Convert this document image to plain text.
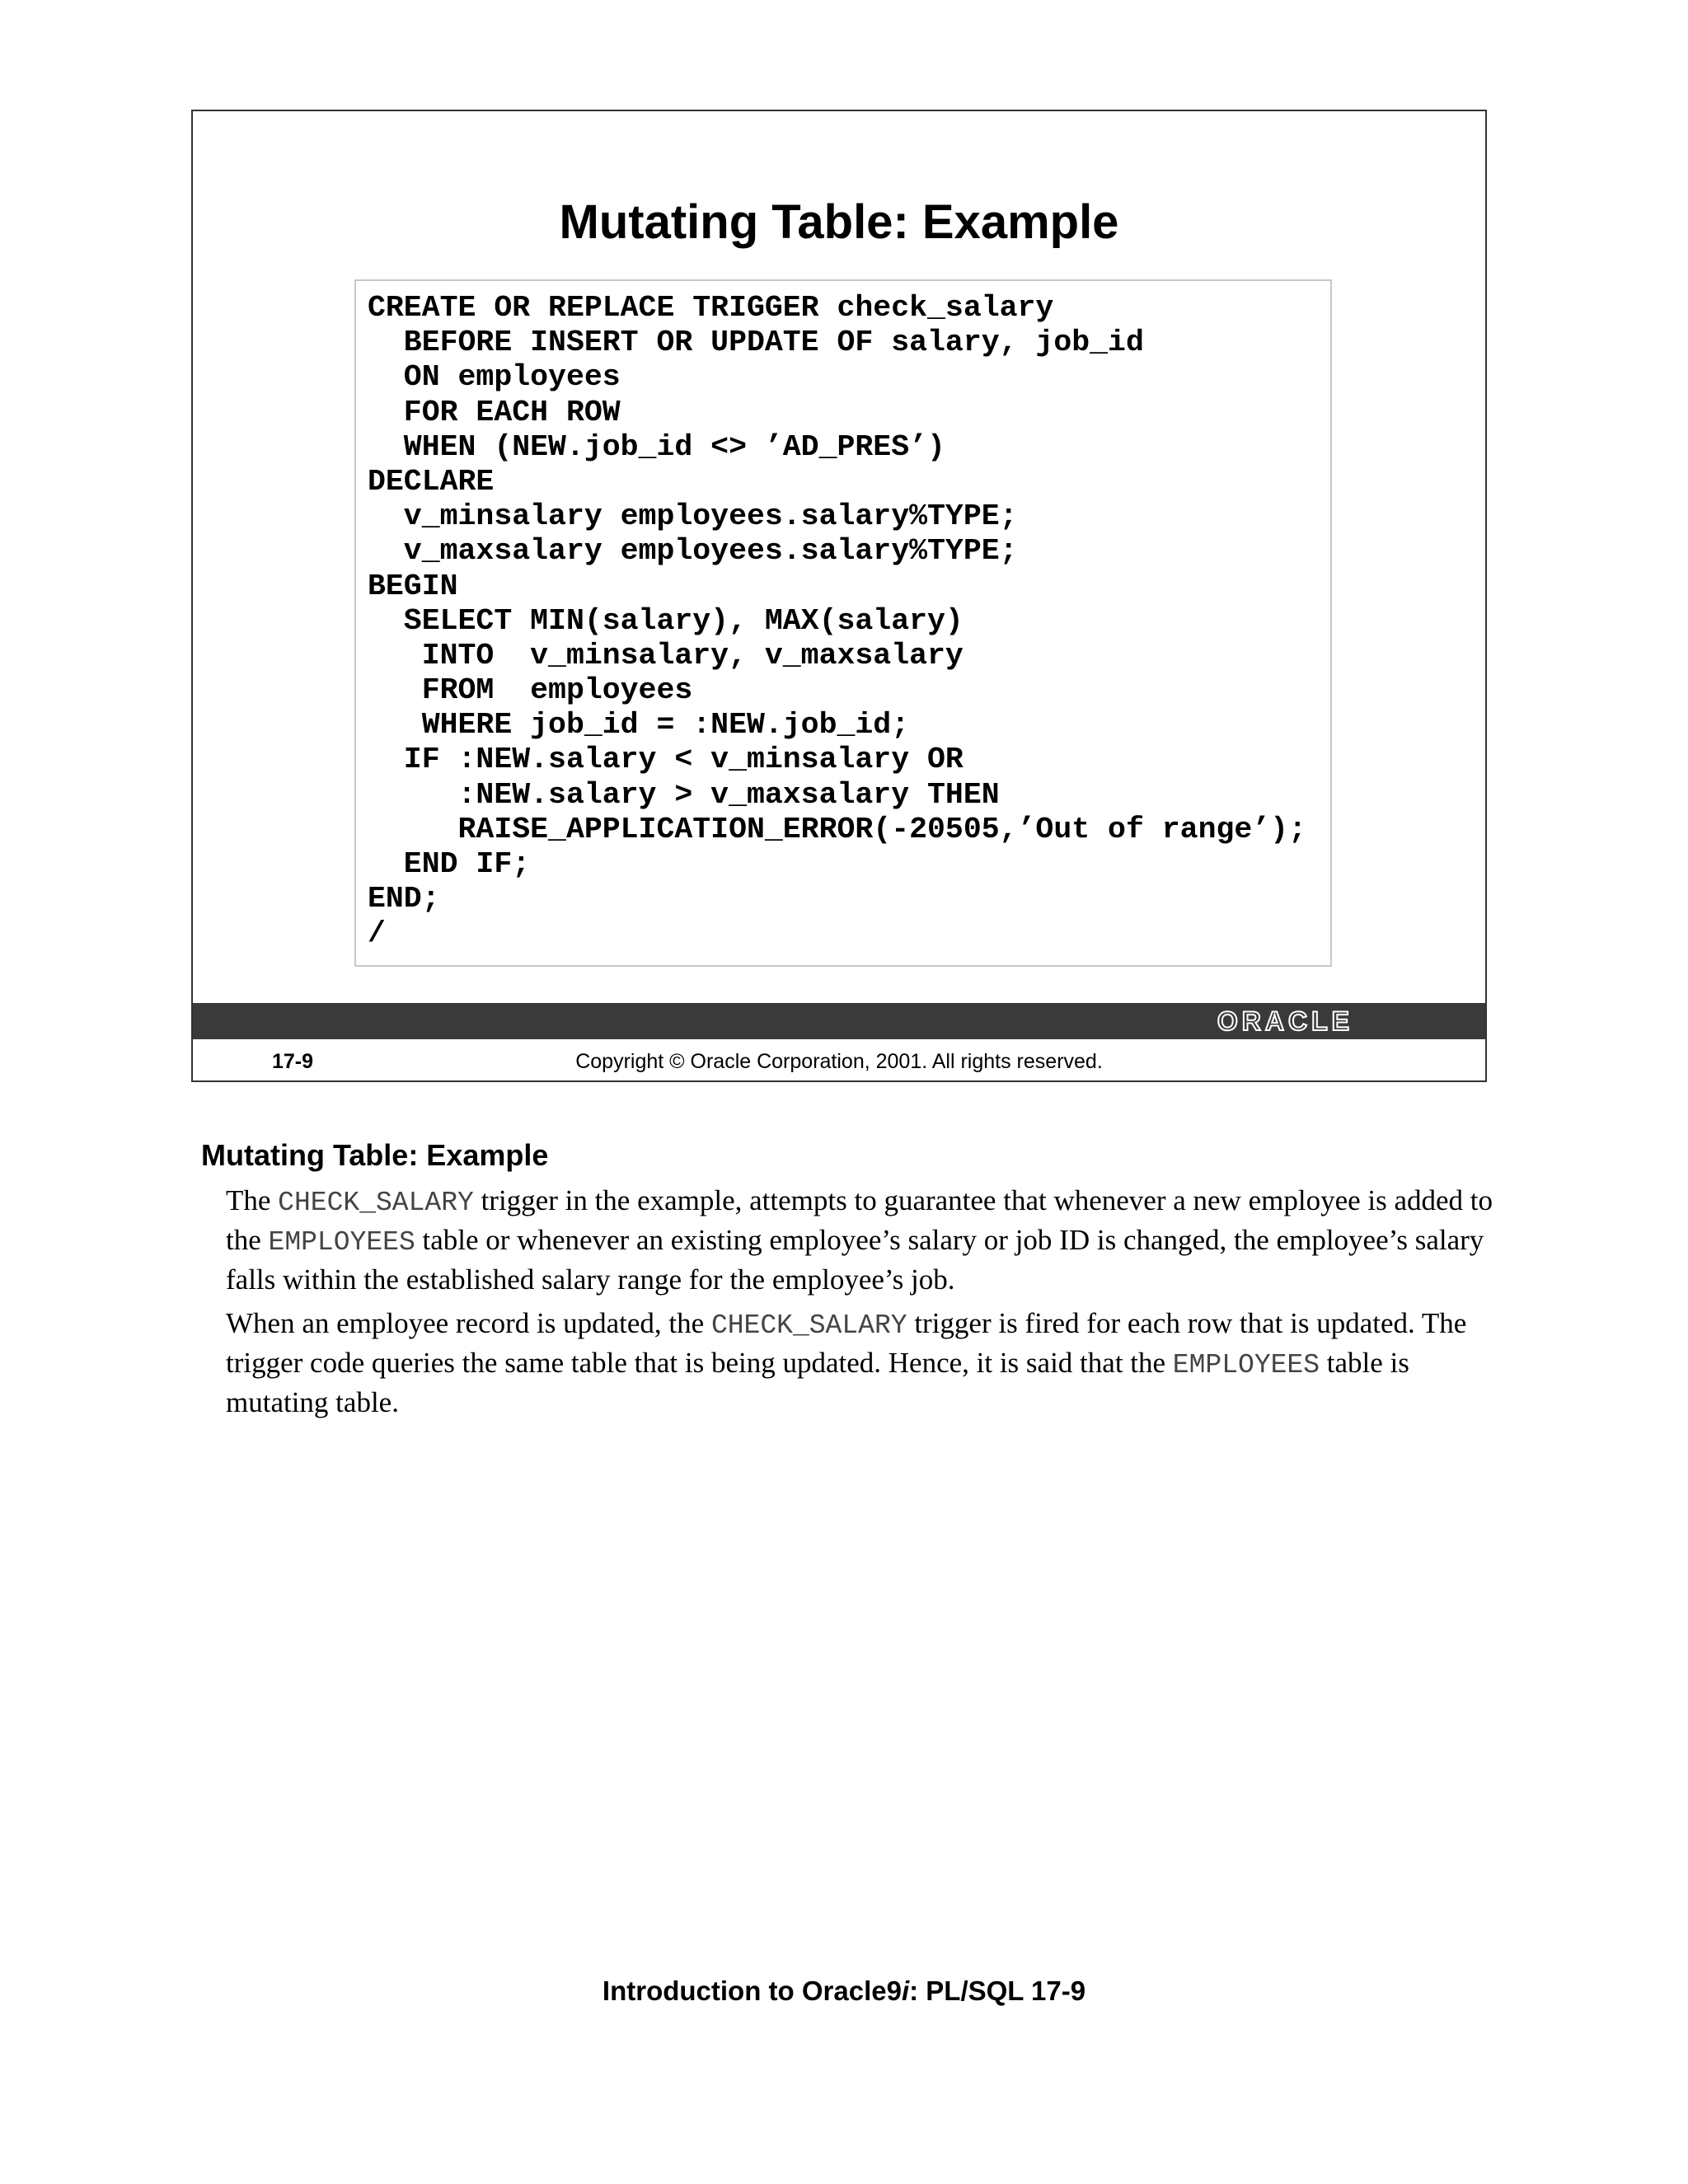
Mutating Table: Example
CREATE OR REPLACE TRIGGER check_salary
BEFORE INSERT OR UPDATE OF salary, job_id
ON employees
FOR EACH ROW
WHEN (NEW.job_id <> ’AD_PRES’)
DECLARE
v_minsalary employees.salary%TYPE;
v_maxsalary employees.salary%TYPE;
BEGIN
SELECT MIN(salary), MAX(salary)
INTO  v_minsalary, v_maxsalary
FROM  employees
WHERE job_id = :NEW.job_id;
IF :NEW.salary < v_minsalary OR
:NEW.salary > v_maxsalary THEN
RAISE_APPLICATION_ERROR(-20505,’Out of range’);
END IF;
END;
/
ORACLE
17-9	Copyright © Oracle Corporation, 2001. All rights reserved.
Mutating Table: Example

The CHECK_SALARY trigger in the example, attempts to guarantee that whenever a new employee is added to the EMPLOYEES table or whenever an existing employee’s salary or job ID is changed, the employee’s salary falls within the established salary range for the employee’s job.

When an employee record is updated, the CHECK_SALARY trigger is fired for each row that is updated. The trigger code queries the same table that is being updated. Hence, it is said that the EMPLOYEES table is mutating table.

Introduction to Oracle9i: PL/SQL 17-9
